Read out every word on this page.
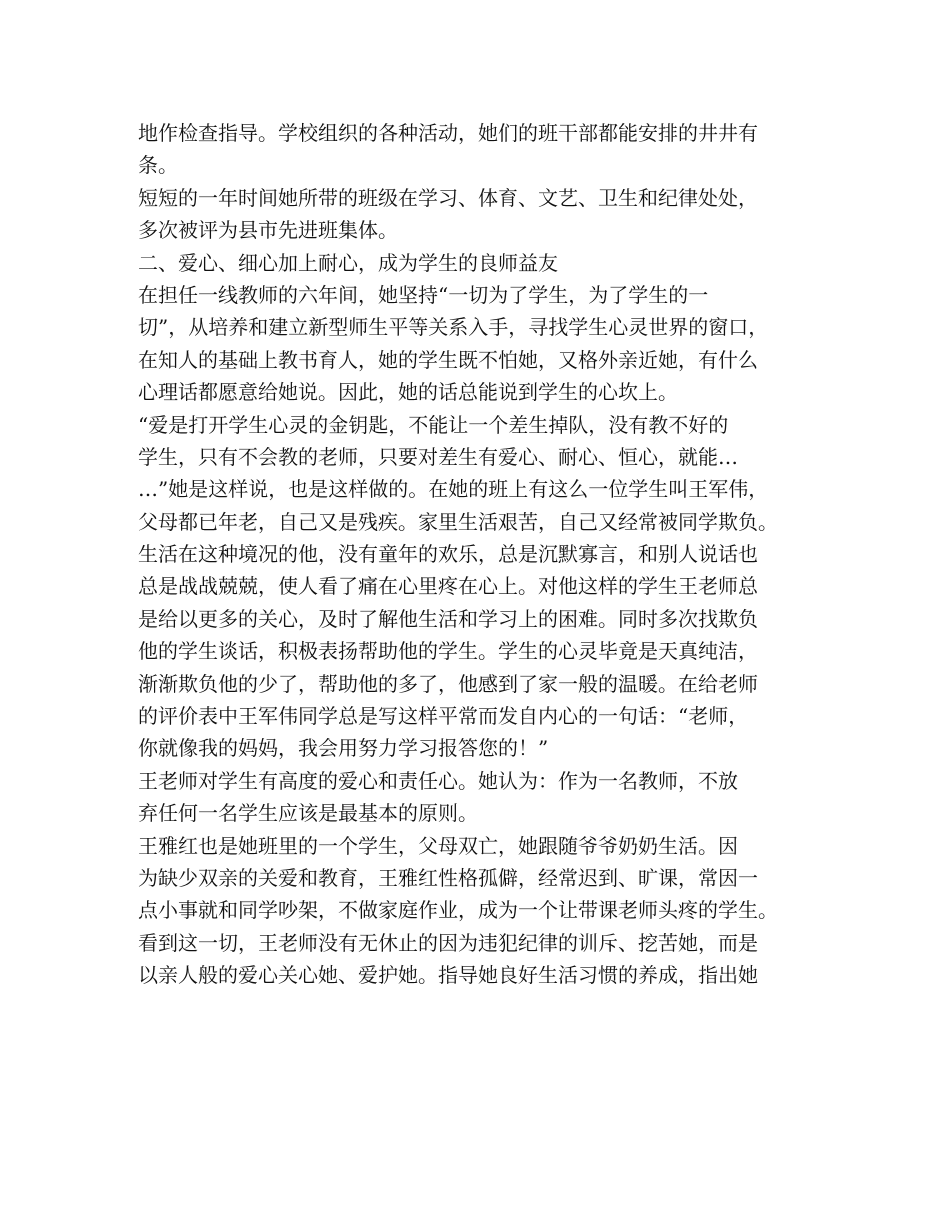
地作检查指导。学校组织的各种活动，她们的班干部都能安排的井井有
条。
短短的一年时间她所带的班级在学习、体育、文艺、卫生和纪律处处，
多次被评为县市先进班集体。
二、爱心、细心加上耐心，成为学生的良师益友
在担任一线教师的六年间，她坚持“一切为了学生，为了学生的一
切”，从培养和建立新型师生平等关系入手，寻找学生心灵世界的窗口，
在知人的基础上教书育人，她的学生既不怕她，又格外亲近她，有什么
心理话都愿意给她说。因此，她的话总能说到学生的心坎上。
“爱是打开学生心灵的金钥匙，不能让一个差生掉队，没有教不好的
学生，只有不会教的老师，只要对差生有爱心、耐心、恒心，就能…
…”她是这样说，也是这样做的。在她的班上有这么一位学生叫王军伟，
父母都已年老，自己又是残疾。家里生活艰苦，自己又经常被同学欺负。
生活在这种境况的他，没有童年的欢乐，总是沉默寡言，和别人说话也
总是战战兢兢，使人看了痛在心里疼在心上。对他这样的学生王老师总
是给以更多的关心，及时了解他生活和学习上的困难。同时多次找欺负
他的学生谈话，积极表扬帮助他的学生。学生的心灵毕竟是天真纯洁，
渐渐欺负他的少了，帮助他的多了，他感到了家一般的温暖。在给老师
的评价表中王军伟同学总是写这样平常而发自内心的一句话：“老师，
你就像我的妈妈，我会用努力学习报答您的！”
王老师对学生有高度的爱心和责任心。她认为：作为一名教师，不放
弃任何一名学生应该是最基本的原则。
王雅红也是她班里的一个学生，父母双亡，她跟随爷爷奶奶生活。因
为缺少双亲的关爱和教育，王雅红性格孤僻，经常迟到、旷课，常因一
点小事就和同学吵架，不做家庭作业，成为一个让带课老师头疼的学生。
看到这一切，王老师没有无休止的因为违犯纪律的训斥、挖苦她，而是
以亲人般的爱心关心她、爱护她。指导她良好生活习惯的养成，指出她
